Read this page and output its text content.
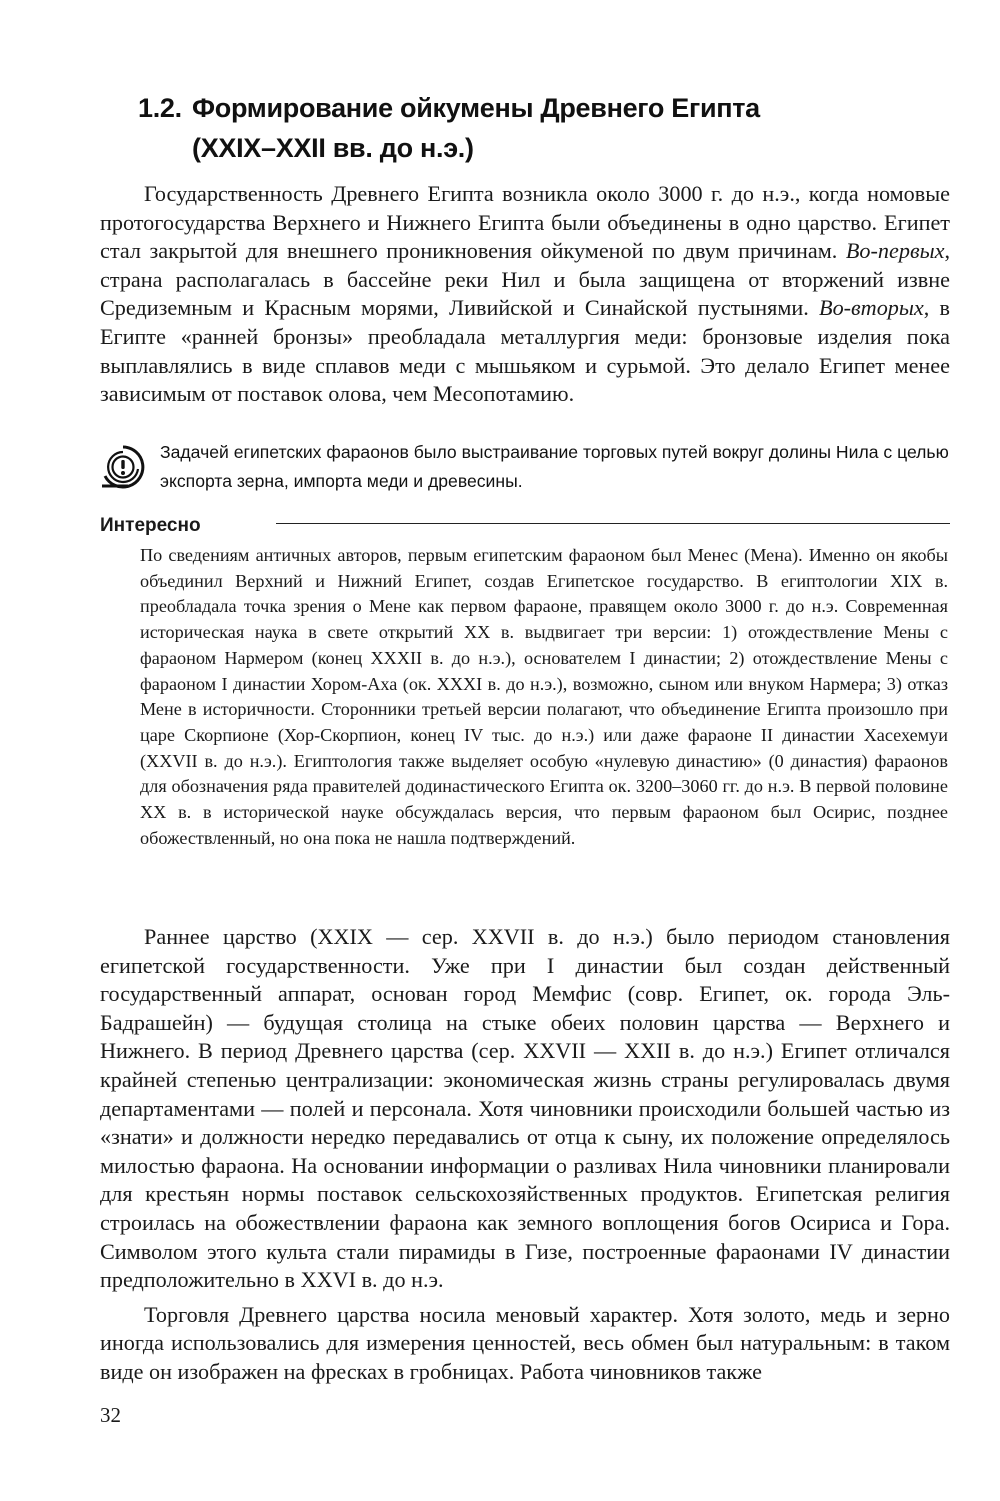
1.2. Формирование ойкумены Древнего Египта
(XXIX–XXII вв. до н.э.)

Государственность Древнего Египта возникла около 3000 г. до н.э., когда номовые протогосударства Верхнего и Нижнего Египта были объединены в одно царство. Египет стал закрытой для внешнего проникновения ойкуменой по двум причинам. Во-первых, страна располагалась в бассейне реки Нил и была защищена от вторжений извне Средиземным и Красным морями, Ливийской и Синайской пустынями. Во-вторых, в Египте «ранней бронзы» преобладала металлургия меди: бронзовые изделия пока выплавлялись в виде сплавов меди с мышьяком и сурьмой. Это делало Египет менее зависимым от поставок олова, чем Месопотамию.

Задачей египетских фараонов было выстраивание торговых путей вокруг долины Нила с целью экспорта зерна, импорта меди и древесины.
Интересно

По сведениям античных авторов, первым египетским фараоном был Менес (Мена). Именно он якобы объединил Верхний и Нижний Египет, создав Египетское государство. В египтологии XIX в. преобладала точка зрения о Мене как первом фараоне, правящем около 3000 г. до н.э. Современная историческая наука в свете открытий XX в. выдвигает три версии: 1) отождествление Мены с фараоном Нармером (конец XXXII в. до н.э.), основателем I династии; 2) отождествление Мены с фараоном I династии Хором-Аха (ок. XXXI в. до н.э.), возможно, сыном или внуком Нармера; 3) отказ Мене в историчности. Сторонники третьей версии полагают, что объединение Египта произошло при царе Скорпионе (Хор-Скорпион, конец IV тыс. до н.э.) или даже фараоне II династии Хасехемуи (XXVII в. до н.э.). Египтология также выделяет особую «нулевую династию» (0 династия) фараонов для обозначения ряда правителей додинастического Египта ок. 3200–3060 гг. до н.э. В первой половине XX в. в исторической науке обсуждалась версия, что первым фараоном был Осирис, позднее обожествленный, но она пока не нашла подтверждений.

Раннее царство (XXIX — сер. XXVII в. до н.э.) было периодом становления египетской государственности. Уже при I династии был создан действенный государственный аппарат, основан город Мемфис (совр. Египет, ок. города Эль-Бадрашейн) — будущая столица на стыке обеих половин царства — Верхнего и Нижнего. В период Древнего царства (сер. XXVII — XXII в. до н.э.) Египет отличался крайней степенью централизации: экономическая жизнь страны регулировалась двумя департаментами — полей и персонала. Хотя чиновники происходили большей частью из «знати» и должности нередко передавались от отца к сыну, их положение определялось милостью фараона. На основании информации о разливах Нила чиновники планировали для крестьян нормы поставок сельскохозяйственных продуктов. Египетская религия строилась на обожествлении фараона как земного воплощения богов Осириса и Гора. Символом этого культа стали пирамиды в Гизе, построенные фараонами IV династии предположительно в XXVI в. до н.э.

Торговля Древнего царства носила меновый характер. Хотя золото, медь и зерно иногда использовались для измерения ценностей, весь обмен был натуральным: в таком виде он изображен на фресках в гробницах. Работа чиновников также

32
